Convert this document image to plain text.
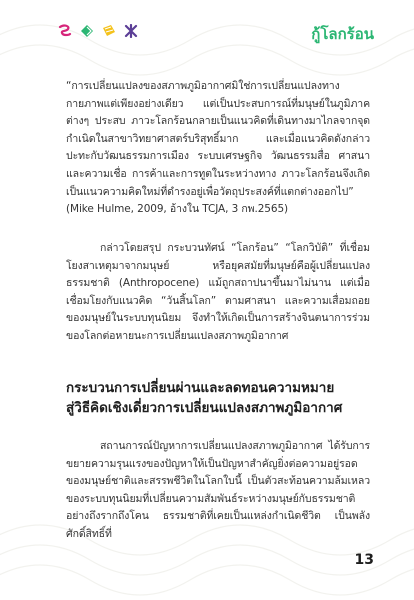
กู้โลกร้อน

“การเปลี่ยนแปลงของสภาพภูมิอากาศมิใช่การเปลี่ยนแปลงทางกายภาพแต่เพียงอย่างเดียว แต่เป็นประสบการณ์ที่มนุษย์ในภูมิภาคต่างๆ ประสบ ภาวะโลกร้อนกลายเป็นแนวคิดที่เดินทางมาไกลจากจุดกำเนิดในสาขาวิทยาศาสตร์บริสุทธิ์มาก และเมื่อแนวคิดดังกล่าวปะทะกับวัฒนธรรมการเมือง ระบบเศรษฐกิจ วัฒนธรรมสื่อ ศาสนาและความเชื่อ การค้าและการทูตในระหว่างทาง ภาวะโลกร้อนจึงเกิดเป็นแนวความคิดใหม่ที่ดำรงอยู่เพื่อวัตถุประสงค์ที่แตกต่างออกไป” (Mike Hulme, 2009, อ้างใน TCJA, 3 กพ.2565)

กล่าวโดยสรุป กระบวนทัศน์ “โลกร้อน” “โลกวิบัติ” ที่เชื่อมโยงสาเหตุมาจากมนุษย์ หรือยุคสมัยที่มนุษย์คือผู้เปลี่ยนแปลงธรรมชาติ (Anthropocene) แม้ถูกสถาปนาขึ้นมาไม่นาน แต่เมื่อเชื่อมโยงกับแนวคิด “วันสิ้นโลก” ตามศาสนา และความเสื่อมถอยของมนุษย์ในระบบทุนนิยม จึงทำให้เกิดเป็นการสร้างจินตนาการร่วมของโลกต่อหายนะการเปลี่ยนแปลงสภาพภูมิอากาศ

กระบวนการเปลี่ยนผ่านและลดทอนความหมาย
สู่วิธีคิดเชิงเดี่ยวการเปลี่ยนแปลงสภาพภูมิอากาศ

สถานการณ์ปัญหาการเปลี่ยนแปลงสภาพภูมิอากาศ ได้รับการขยายความรุนแรงของปัญหาให้เป็นปัญหาสำคัญยิ่งต่อความอยู่รอดของมนุษย์ชาติและสรรพชีวิตในโลกใบนี้ เป็นตัวสะท้อนความล้มเหลวของระบบทุนนิยมที่เปลี่ยนความสัมพันธ์ระหว่างมนุษย์กับธรรมชาติอย่างถึงรากถึงโคน ธรรมชาติที่เคยเป็นแหล่งกำเนิดชีวิต เป็นพลังศักดิ์สิทธิ์ที่

13
